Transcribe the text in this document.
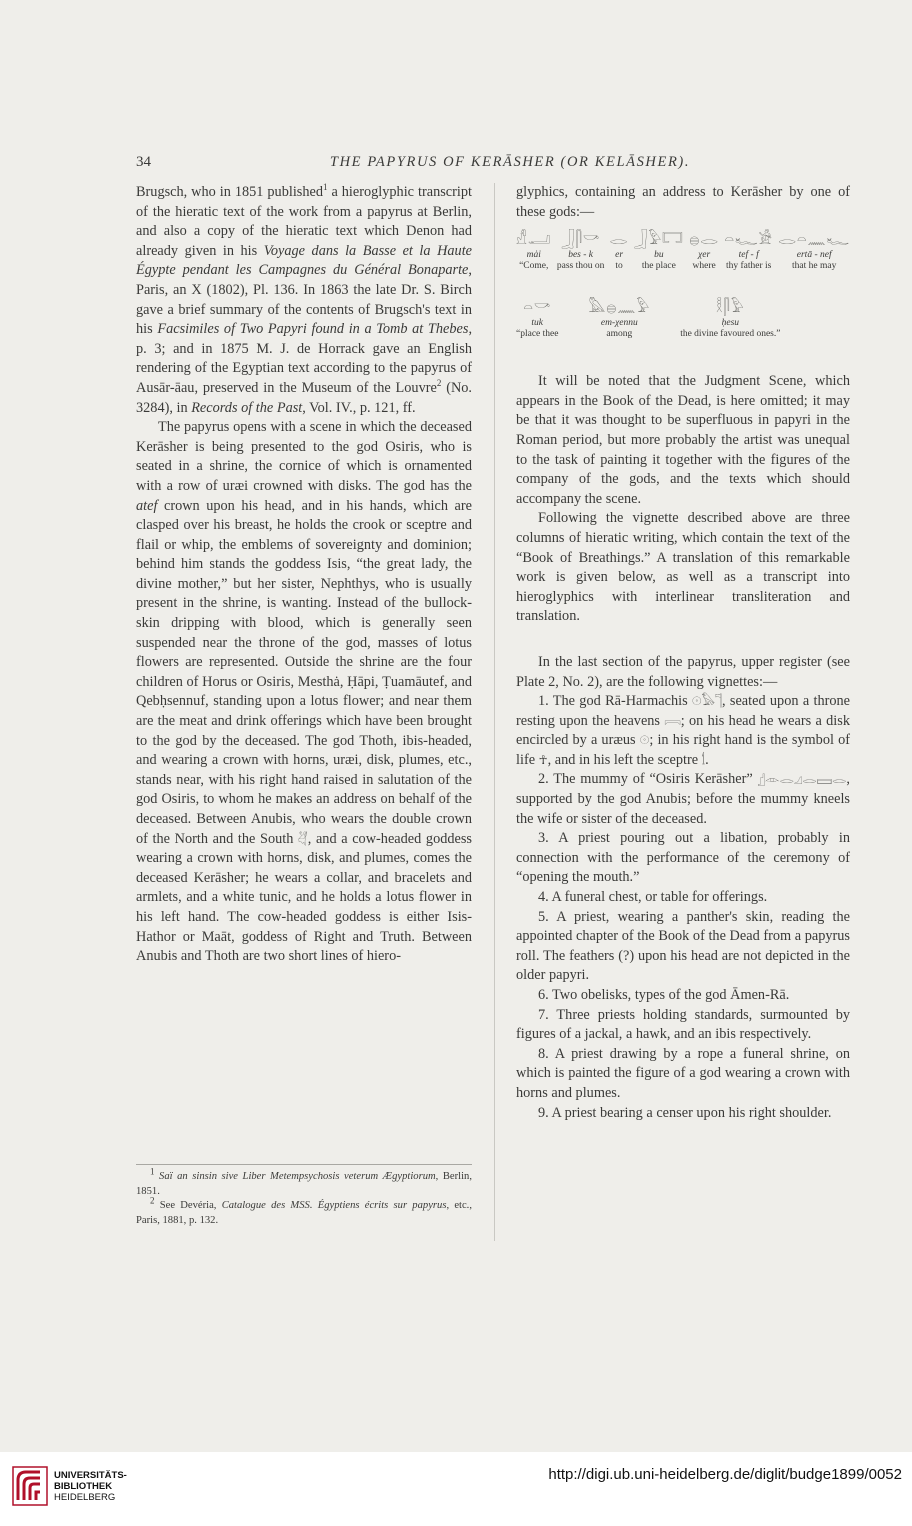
34	THE PAPYRUS OF KERĀSHER (OR KELĀSHER).

Brugsch, who in 1851 published$^1$ a hieroglyphic transcript of the hieratic text of the work from a papyrus at Berlin, and also a copy of the hieratic text which Denon had already given in his Voyage dans la Basse et la Haute Égypte pendant les Campagnes du Général Bonaparte, Paris, an X (1802), Pl. 136. In 1863 the late Dr. S. Birch gave a brief summary of the contents of Brugsch's text in his Facsimiles of Two Papyri found in a Tomb at Thebes, p. 3; and in 1875 M. J. de Horrack gave an English rendering of the Egyptian text according to the papyrus of Ausār-āau, preserved in the Museum of the Louvre$^2$ (No. 3284), in Records of the Past, Vol. IV., p. 121, ff.

The papyrus opens with a scene in which the deceased Kerāsher is being presented to the god Osiris, who is seated in a shrine, the cornice of which is ornamented with a row of uræi crowned with disks. The god has the atef crown upon his head, and in his hands, which are clasped over his breast, he holds the crook or sceptre and flail or whip, the emblems of sovereignty and dominion; behind him stands the goddess Isis, “the great lady, the divine mother,” but her sister, Nephthys, who is usually present in the shrine, is wanting. Instead of the bullock-skin dripping with blood, which is generally seen suspended near the throne of the god, masses of lotus flowers are represented. Outside the shrine are the four children of Horus or Osiris, Mesthȧ, Ḥāpi, Ṭuamāutef, and Qebḥsennuf, standing upon a lotus flower; and near them are the meat and drink offerings which have been brought to the god by the deceased. The god Thoth, ibis-headed, and wearing a crown with horns, uræi, disk, plumes, etc., stands near, with his right hand raised in salutation of the god Osiris, to whom he makes an address on behalf of the deceased. Between Anubis, who wears the double crown of the North and the South 𓋖, and a cow-headed goddess wearing a crown with horns, disk, and plumes, comes the deceased Kerāsher; he wears a collar, and bracelets and armlets, and a white tunic, and he holds a lotus flower in his left hand. The cow-headed goddess is either Isis-Hathor or Maāt, goddess of Right and Truth. Between Anubis and Thoth are two short lines of hiero-

$^1$ Saï an sinsin sive Liber Metempsychosis veterum Ægyptiorum, Berlin, 1851.

$^2$ See Devéria, Catalogue des MSS. Égyptiens écrits sur papyrus, etc., Paris, 1881, p. 132.

glyphics, containing an address to Kerāsher by one of these gods:—

𓀭𓂝
mȧi
“Come,
𓃀𓋴𓎡
bes - k
pass thou on
𓂋
er
to
𓃀𓅱𓉐
bu
the place
𓐍𓂋
χer
where
𓏏𓆑𓀀
tef - f
thy father is
𓂋𓏏𓈖𓆑
ertā - nef
that he may
𓏏𓎡
tuk
“place thee
𓅓𓐍𓈖𓅱
em-χennu
among
𓎛𓋴𓅱
ḥesu
the divine favoured ones.”

It will be noted that the Judgment Scene, which appears in the Book of the Dead, is here omitted; it may be that it was thought to be superfluous in papyri in the Roman period, but more probably the artist was unequal to the task of painting it together with the figures of the company of the gods, and the texts which should accompany the scene.

Following the vignette described above are three columns of hieratic writing, which contain the text of the “Book of Breathings.” A translation of this remarkable work is given below, as well as a transcript into hieroglyphics with interlinear transliteration and translation.

In the last section of the papyrus, upper register (see Plate 2, No. 2), are the following vignettes:—

1. The god Rā-Harmachis 𓇳𓅃𓊹, seated upon a throne resting upon the heavens 𓇯; on his head he wears a disk encircled by a uræus 𓇳; in his right hand is the symbol of life ☥, and in his left the sceptre 𓌀.

2. The mummy of “Osiris Kerāsher” 𓊨𓁹𓂋𓈎𓂋𓈙𓂋, supported by the god Anubis; before the mummy kneels the wife or sister of the deceased.

3. A priest pouring out a libation, probably in connection with the performance of the ceremony of “opening the mouth.”

4. A funeral chest, or table for offerings.

5. A priest, wearing a panther's skin, reading the appointed chapter of the Book of the Dead from a papyrus roll. The feathers (?) upon his head are not depicted in the older papyri.

6. Two obelisks, types of the god Āmen-Rā.

7. Three priests holding standards, surmounted by figures of a jackal, a hawk, and an ibis respectively.

8. A priest drawing by a rope a funeral shrine, on which is painted the figure of a god wearing a crown with horns and plumes.

9. A priest bearing a censer upon his right shoulder.

UNIVERSITÄTS-
BIBLIOTHEK
HEIDELBERG
http://digi.ub.uni-heidelberg.de/diglit/budge1899/0052
